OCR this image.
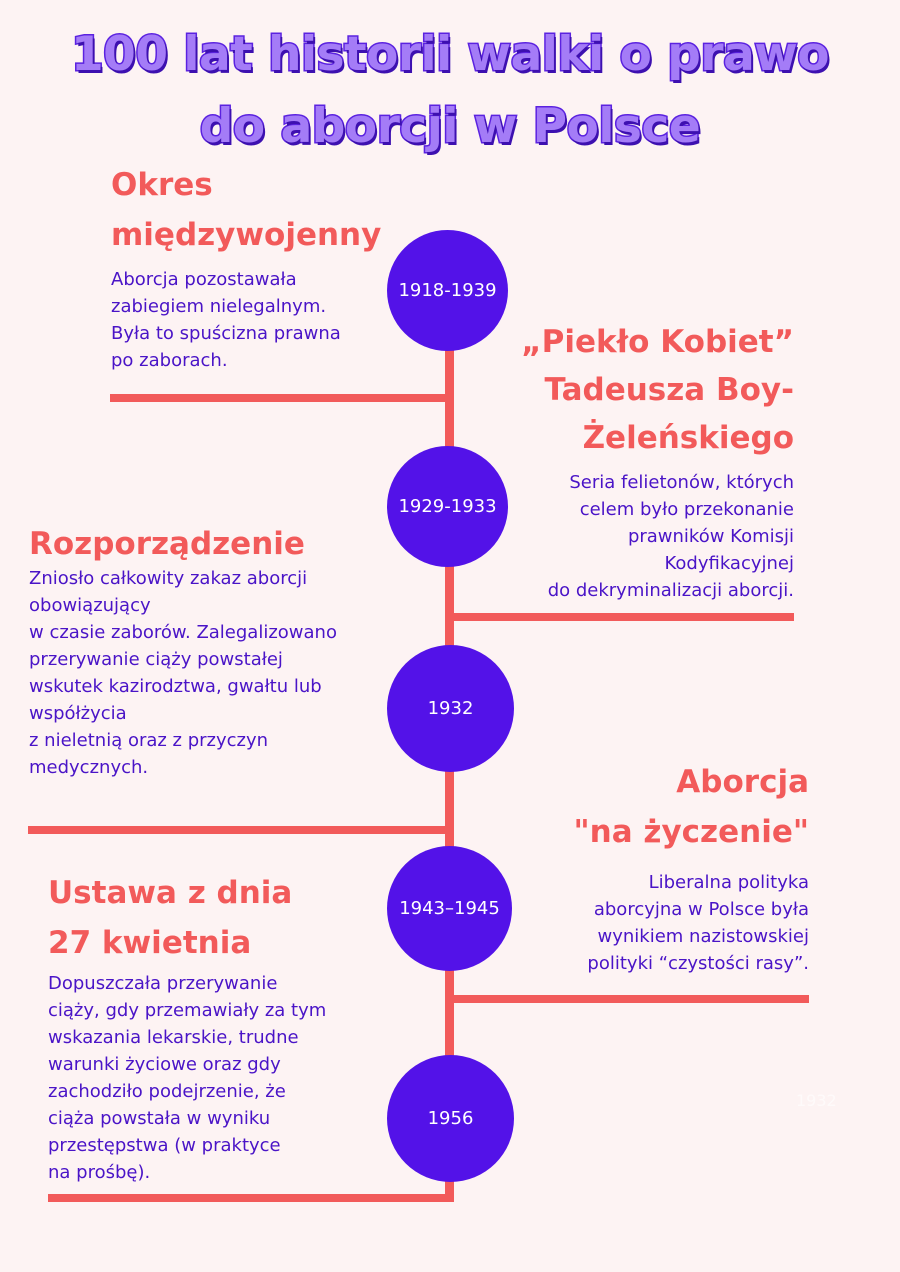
100 lat historii walki o prawo
do aborcji w Polsce
1918-1939
1929-1933
1932
1943–1945
1956
Okres
międzywojenny
Aborcja pozostawała
zabiegiem nielegalnym.
Była to spuścizna prawna
po zaborach.
„Piekło Kobiet”
Tadeusza Boy-
Żeleńskiego
Seria felietonów, których
celem było przekonanie
prawników Komisji
Kodyfikacyjnej
do dekryminalizacji aborcji.
Rozporządzenie
Zniosło całkowity zakaz aborcji
obowiązujący
w czasie zaborów. Zalegalizowano
przerywanie ciąży powstałej
wskutek kazirodztwa, gwałtu lub
współżycia
z nieletnią oraz z przyczyn
medycznych.	Aborcja
"na życzenie"
Liberalna polityka
aborcyjna w Polsce była
wynikiem nazistowskiej
polityki “czystości rasy”.
Ustawa z dnia
27 kwietnia
Dopuszczała przerywanie
ciąży, gdy przemawiały za tym
wskazania lekarskie, trudne
warunki życiowe oraz gdy
zachodziło podejrzenie, że
ciąża powstała w wyniku
przestępstwa (w praktyce
na prośbę).
1932
